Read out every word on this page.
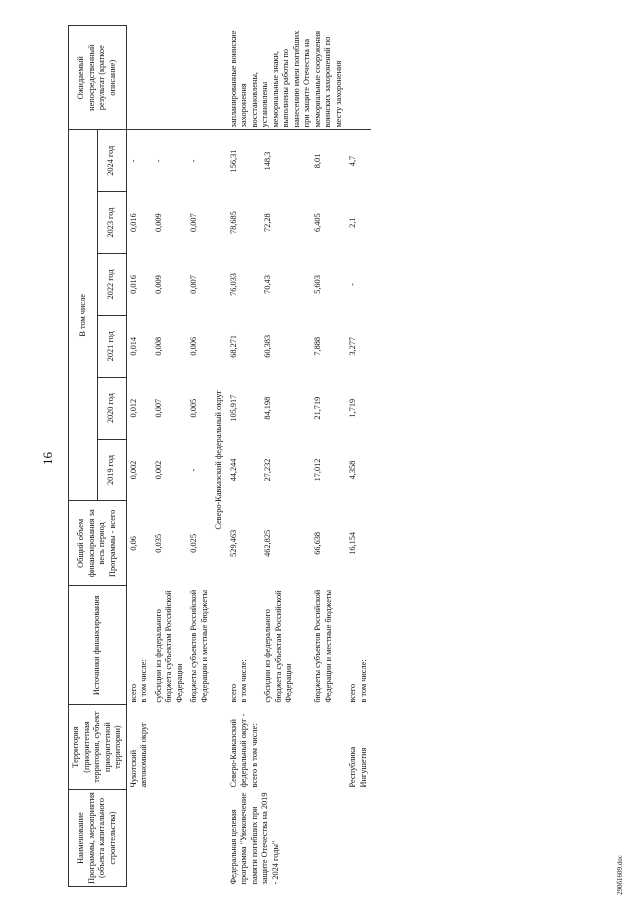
16
Наименование Программы, мероприятия (объекта капитального строительства)	Территория (приоритетная территория, субъект приоритетной территории)	Источники финансирования	Общий объем финансирования за весь период Программы - всего	В том числе						Ожидаемый непосредственный результат (краткое описание)
				2019 год	2020 год	2021 год	2022 год	2023 год	2024 год	
	Чукотский автономный округ	всего в том числе:	0,06	0,002	0,012	0,014	0,016	0,016	-	
		субсидии из федерального бюджета субъектам Российской Федерации	0,035	0,002	0,007	0,008	0,009	0,009	-	
		бюджеты субъектов Российской Федерации и местные бюджеты	0,025	-	0,005	0,006	0,007	0,007	-	
	Северо-Кавказский федеральный округ									
Федеральная целевая программа "Увековечение памяти погибших при защите Отечества на 2019 - 2024 годы"	Северо-Кавказский федеральный округ - всего в том числе:	всего в том числе:	529,463	44,244	105,917	68,271	76,033	78,685	156,31	запланированные воинские захоронения восстановлены, установлены мемориальные знаки, выполнены работы по нанесению имен погибших при защите Отечества на мемориальные сооружения воинских захоронений по месту захоронения
		субсидии из федерального бюджета субъектам Российской Федерации	462,825	27,232	84,198	60,383	70,43	72,28	148,3	
		бюджеты субъектов Российской Федерации и местные бюджеты	66,638	17,012	21,719	7,888	5,603	6,405	8,01	
	Республика Ингушетия	всего в том числе:	16,154	4,358	1,719	3,277	-	2,1	4,7	
290б1609.doc
